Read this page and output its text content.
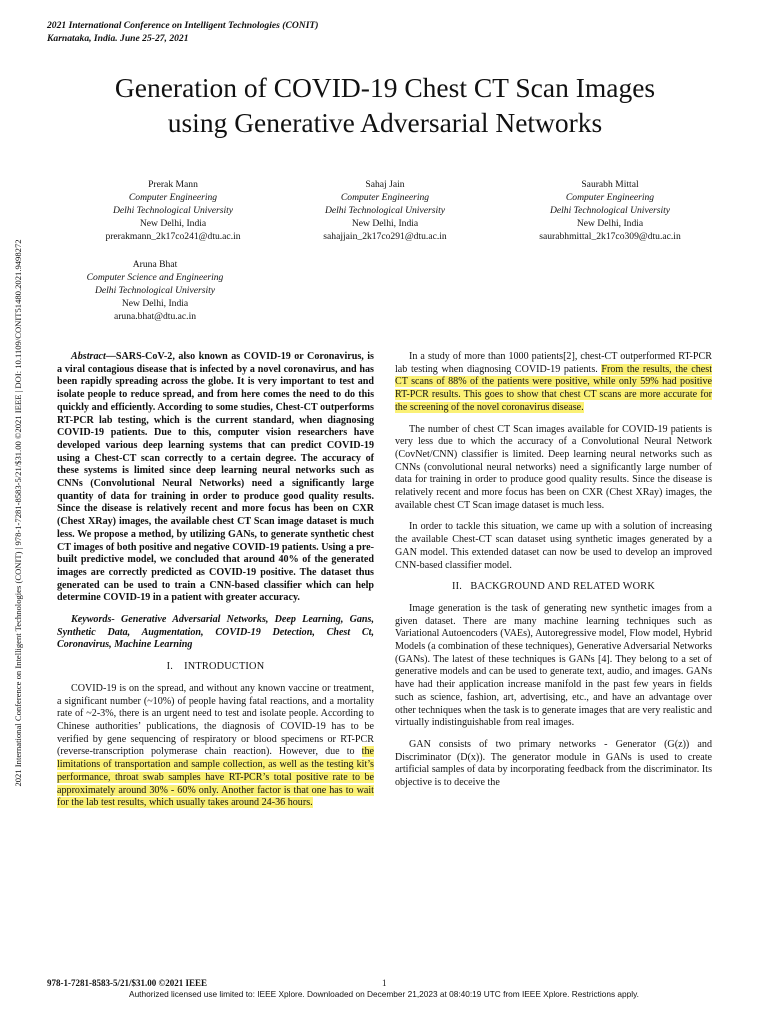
2021 International Conference on Intelligent Technologies (CONIT)
Karnataka, India. June 25-27, 2021
2021 International Conference on Intelligent Technologies (CONIT) | 978-1-7281-8583-5/21/$31.00 ©2021 IEEE | DOI: 10.1109/CONIT51480.2021.9498272
Generation of COVID-19 Chest CT Scan Images
using Generative Adversarial Networks
Prerak Mann
Computer Engineering
Delhi Technological University
New Delhi, India
prerakmann_2k17co241@dtu.ac.in
Sahaj Jain
Computer Engineering
Delhi Technological University
New Delhi, India
sahajjain_2k17co291@dtu.ac.in
Saurabh Mittal
Computer Engineering
Delhi Technological University
New Delhi, India
saurabhmittal_2k17co309@dtu.ac.in
Aruna Bhat
Computer Science and Engineering
Delhi Technological University
New Delhi, India
aruna.bhat@dtu.ac.in

Abstract—SARS-CoV-2, also known as COVID-19 or Coronavirus, is a viral contagious disease that is infected by a novel coronavirus, and has been rapidly spreading across the globe. It is very important to test and isolate people to reduce spread, and from here comes the need to do this quickly and efficiently. According to some studies, Chest-CT outperforms RT-PCR lab testing, which is the current standard, when diagnosing COVID-19 patients. Due to this, computer vision researchers have developed various deep learning systems that can predict COVID-19 using a Chest-CT scan correctly to a certain degree. The accuracy of these systems is limited since deep learning neural networks such as CNNs (Convolutional Neural Networks) need a significantly large quantity of data for training in order to produce good quality results. Since the disease is relatively recent and more focus has been on CXR (Chest XRay) images, the available chest CT Scan image dataset is much less. We propose a method, by utilizing GANs, to generate synthetic chest CT images of both positive and negative COVID-19 patients. Using a pre-built predictive model, we concluded that around 40% of the generated images are correctly predicted as COVID-19 positive. The dataset thus generated can be used to train a CNN-based classifier which can help determine COVID-19 in a patient with greater accuracy.

Keywords- Generative Adversarial Networks, Deep Learning, Gans, Synthetic Data, Augmentation, COVID-19 Detection, Chest Ct, Coronavirus, Machine Learning

I.    INTRODUCTION

COVID-19 is on the spread, and without any known vaccine or treatment, a significant number (~10%) of people having fatal reactions, and a mortality rate of ~2-3%, there is an urgent need to test and isolate people. According to Chinese authorities’ publications, the diagnosis of COVID-19 has to be verified by gene sequencing of respiratory or blood specimens or RT-PCR (reverse-transcription polymerase chain reaction). However, due to the limitations of transportation and sample collection, as well as the testing kit’s performance, throat swab samples have RT-PCR’s total positive rate to be approximately around 30% - 60% only. Another factor is that one has to wait for the lab test results, which usually takes around 24-36 hours.

In a study of more than 1000 patients[2], chest-CT outperformed RT-PCR lab testing when diagnosing COVID-19 patients. From the results, the chest CT scans of 88% of the patients were positive, while only 59% had positive RT-PCR results. This goes to show that chest CT scans are more accurate for the screening of the novel coronavirus disease.

The number of chest CT Scan images available for COVID-19 patients is very less due to which the accuracy of a Convolutional Neural Network (CovNet/CNN) classifier is limited. Deep learning neural networks such as CNNs (convolutional neural networks) need a significantly large number of data for training in order to produce good quality results. Since the disease is relatively recent and more focus has been on CXR (Chest XRay) images, the available chest CT Scan image dataset is much less.

In order to tackle this situation, we came up with a solution of increasing the available Chest-CT scan dataset using synthetic images generated by a GAN model. This extended dataset can now be used to develop an improved CNN-based classifier model.

II.   BACKGROUND AND RELATED WORK

Image generation is the task of generating new synthetic images from a given dataset. There are many machine learning techniques such as Variational Autoencoders (VAEs), Autoregressive model, Flow model, Hybrid Models (a combination of these techniques), Generative Adversarial Networks (GANs). The latest of these techniques is GANs [4]. They belong to a set of generative models and can be used to generate text, audio, and images. GANs have had their application increase manifold in the past few years in fields such as science, fashion, art, advertising, etc., and have an advantage over other techniques when the task is to generate images that are very realistic and virtually indistinguishable from real images.

GAN consists of two primary networks - Generator (G(z)) and Discriminator (D(x)). The generator module in GANs is used to create artificial samples of data by incorporating feedback from the discriminator. Its objective is to deceive the

978-1-7281-8583-5/21/$31.00 ©2021 IEEE	1
Authorized licensed use limited to: IEEE Xplore. Downloaded on December 21,2023 at 08:40:19 UTC from IEEE Xplore. Restrictions apply.
